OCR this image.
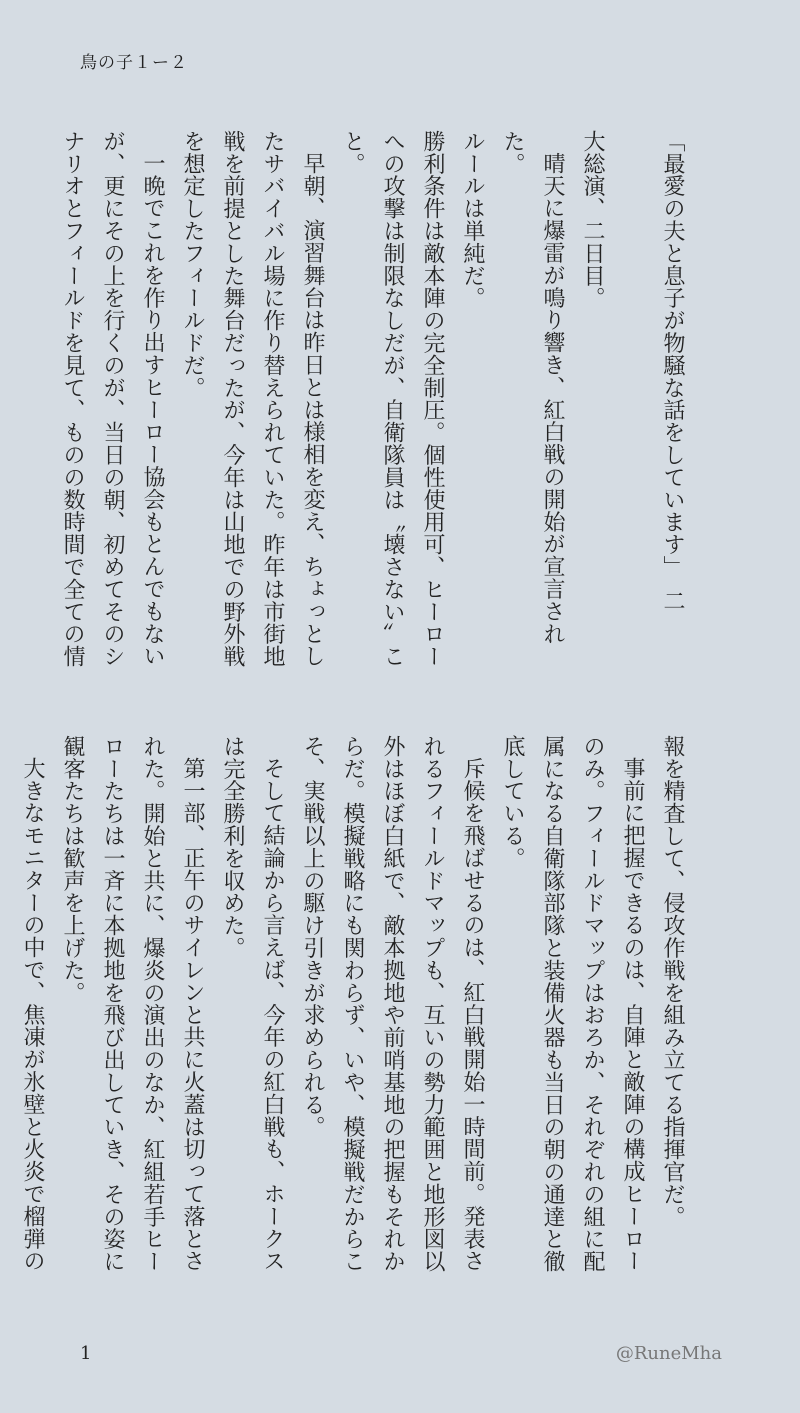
鳥の子１ー２

「最愛の夫と息子が物騒な話をしています」　二

大総演、二日目。

晴天に爆雷が鳴り響き、紅白戦の開始が宣言された。

ルールは単純だ。

勝利条件は敵本陣の完全制圧。個性使用可、ヒーローへの攻撃は制限なしだが、自衛隊員は〝壊さない〟こと。

早朝、演習舞台は昨日とは様相を変え、ちょっとしたサバイバル場に作り替えられていた。昨年は市街地戦を前提とした舞台だったが、今年は山地での野外戦を想定したフィールドだ。

一晩でこれを作り出すヒーロー協会もとんでもないが、更にその上を行くのが、当日の朝、初めてそのシナリオとフィールドを見て、ものの数時間で全ての情

報を精査して、侵攻作戦を組み立てる指揮官だ。

事前に把握できるのは、自陣と敵陣の構成ヒーローのみ。フィールドマップはおろか、それぞれの組に配属になる自衛隊部隊と装備火器も当日の朝の通達と徹底している。

斥候を飛ばせるのは、紅白戦開始一時間前。発表されるフィールドマップも、互いの勢力範囲と地形図以外はほぼ白紙で、敵本拠地や前哨基地の把握もそれからだ。模擬戦略にも関わらず、いや、模擬戦だからこそ、実戦以上の駆け引きが求められる。

そして結論から言えば、今年の紅白戦も、ホークスは完全勝利を収めた。

第一部、正午のサイレンと共に火蓋は切って落とされた。開始と共に、爆炎の演出のなか、紅組若手ヒーローたちは一斉に本拠地を飛び出していき、その姿に観客たちは歓声を上げた。

大きなモニターの中で、焦凍が氷壁と火炎で榴弾の

1	@RuneMha
